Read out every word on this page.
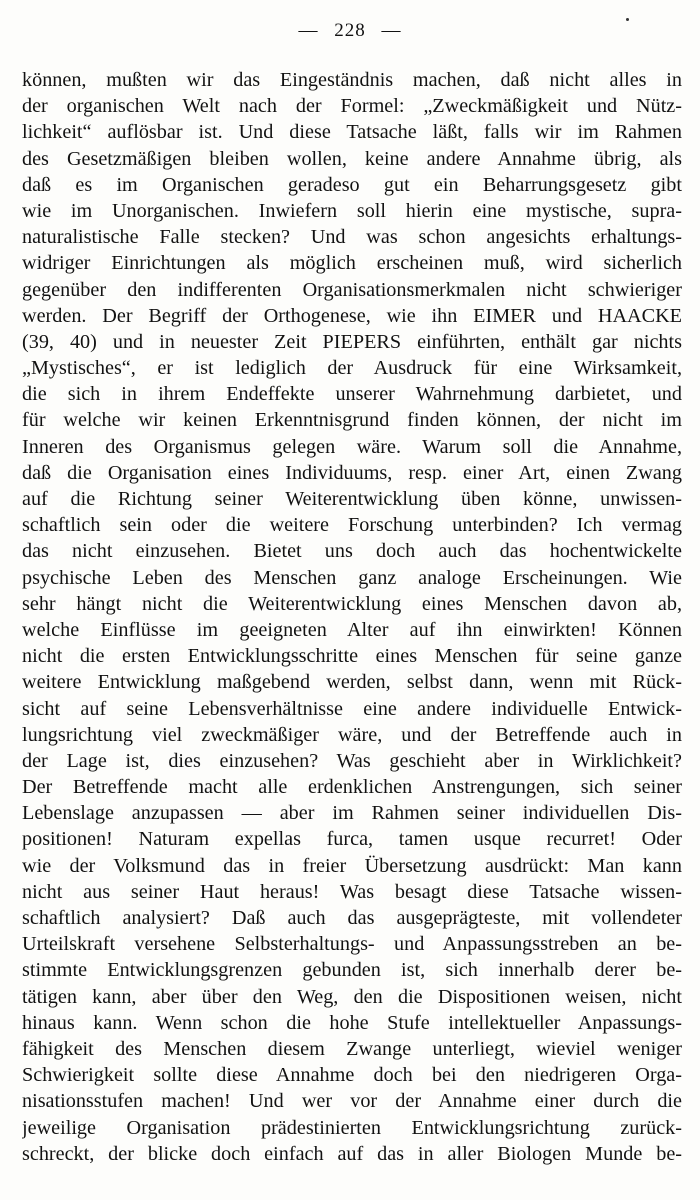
— 228 —
können, mußten wir das Eingeständnis machen, daß nicht alles in
der organischen Welt nach der Formel: „Zweckmäßigkeit und Nütz-
lichkeit“ auflösbar ist. Und diese Tatsache läßt, falls wir im Rahmen
des Gesetzmäßigen bleiben wollen, keine andere Annahme übrig, als
daß es im Organischen geradeso gut ein Beharrungsgesetz gibt
wie im Unorganischen. Inwiefern soll hierin eine mystische, supra-
naturalistische Falle stecken? Und was schon angesichts erhaltungs-
widriger Einrichtungen als möglich erscheinen muß, wird sicherlich
gegenüber den indifferenten Organisationsmerkmalen nicht schwieriger
werden. Der Begriff der Orthogenese, wie ihn EIMER und HAACKE
(39, 40) und in neuester Zeit PIEPERS einführten, enthält gar nichts
„Mystisches“, er ist lediglich der Ausdruck für eine Wirksamkeit,
die sich in ihrem Endeffekte unserer Wahrnehmung darbietet, und
für welche wir keinen Erkenntnisgrund finden können, der nicht im
Inneren des Organismus gelegen wäre. Warum soll die Annahme,
daß die Organisation eines Individuums, resp. einer Art, einen Zwang
auf die Richtung seiner Weiterentwicklung üben könne, unwissen-
schaftlich sein oder die weitere Forschung unterbinden? Ich vermag
das nicht einzusehen. Bietet uns doch auch das hochentwickelte
psychische Leben des Menschen ganz analoge Erscheinungen. Wie
sehr hängt nicht die Weiterentwicklung eines Menschen davon ab,
welche Einflüsse im geeigneten Alter auf ihn einwirkten! Können
nicht die ersten Entwicklungsschritte eines Menschen für seine ganze
weitere Entwicklung maßgebend werden, selbst dann, wenn mit Rück-
sicht auf seine Lebensverhältnisse eine andere individuelle Entwick-
lungsrichtung viel zweckmäßiger wäre, und der Betreffende auch in
der Lage ist, dies einzusehen? Was geschieht aber in Wirklichkeit?
Der Betreffende macht alle erdenklichen Anstrengungen, sich seiner
Lebenslage anzupassen — aber im Rahmen seiner individuellen Dis-
positionen! Naturam expellas furca, tamen usque recurret! Oder
wie der Volksmund das in freier Übersetzung ausdrückt: Man kann
nicht aus seiner Haut heraus! Was besagt diese Tatsache wissen-
schaftlich analysiert? Daß auch das ausgeprägteste, mit vollendeter
Urteilskraft versehene Selbsterhaltungs- und Anpassungsstreben an be-
stimmte Entwicklungsgrenzen gebunden ist, sich innerhalb derer be-
tätigen kann, aber über den Weg, den die Dispositionen weisen, nicht
hinaus kann. Wenn schon die hohe Stufe intellektueller Anpassungs-
fähigkeit des Menschen diesem Zwange unterliegt, wieviel weniger
Schwierigkeit sollte diese Annahme doch bei den niedrigeren Orga-
nisationsstufen machen! Und wer vor der Annahme einer durch die
jeweilige Organisation prädestinierten Entwicklungsrichtung zurück-
schreckt, der blicke doch einfach auf das in aller Biologen Munde be-
